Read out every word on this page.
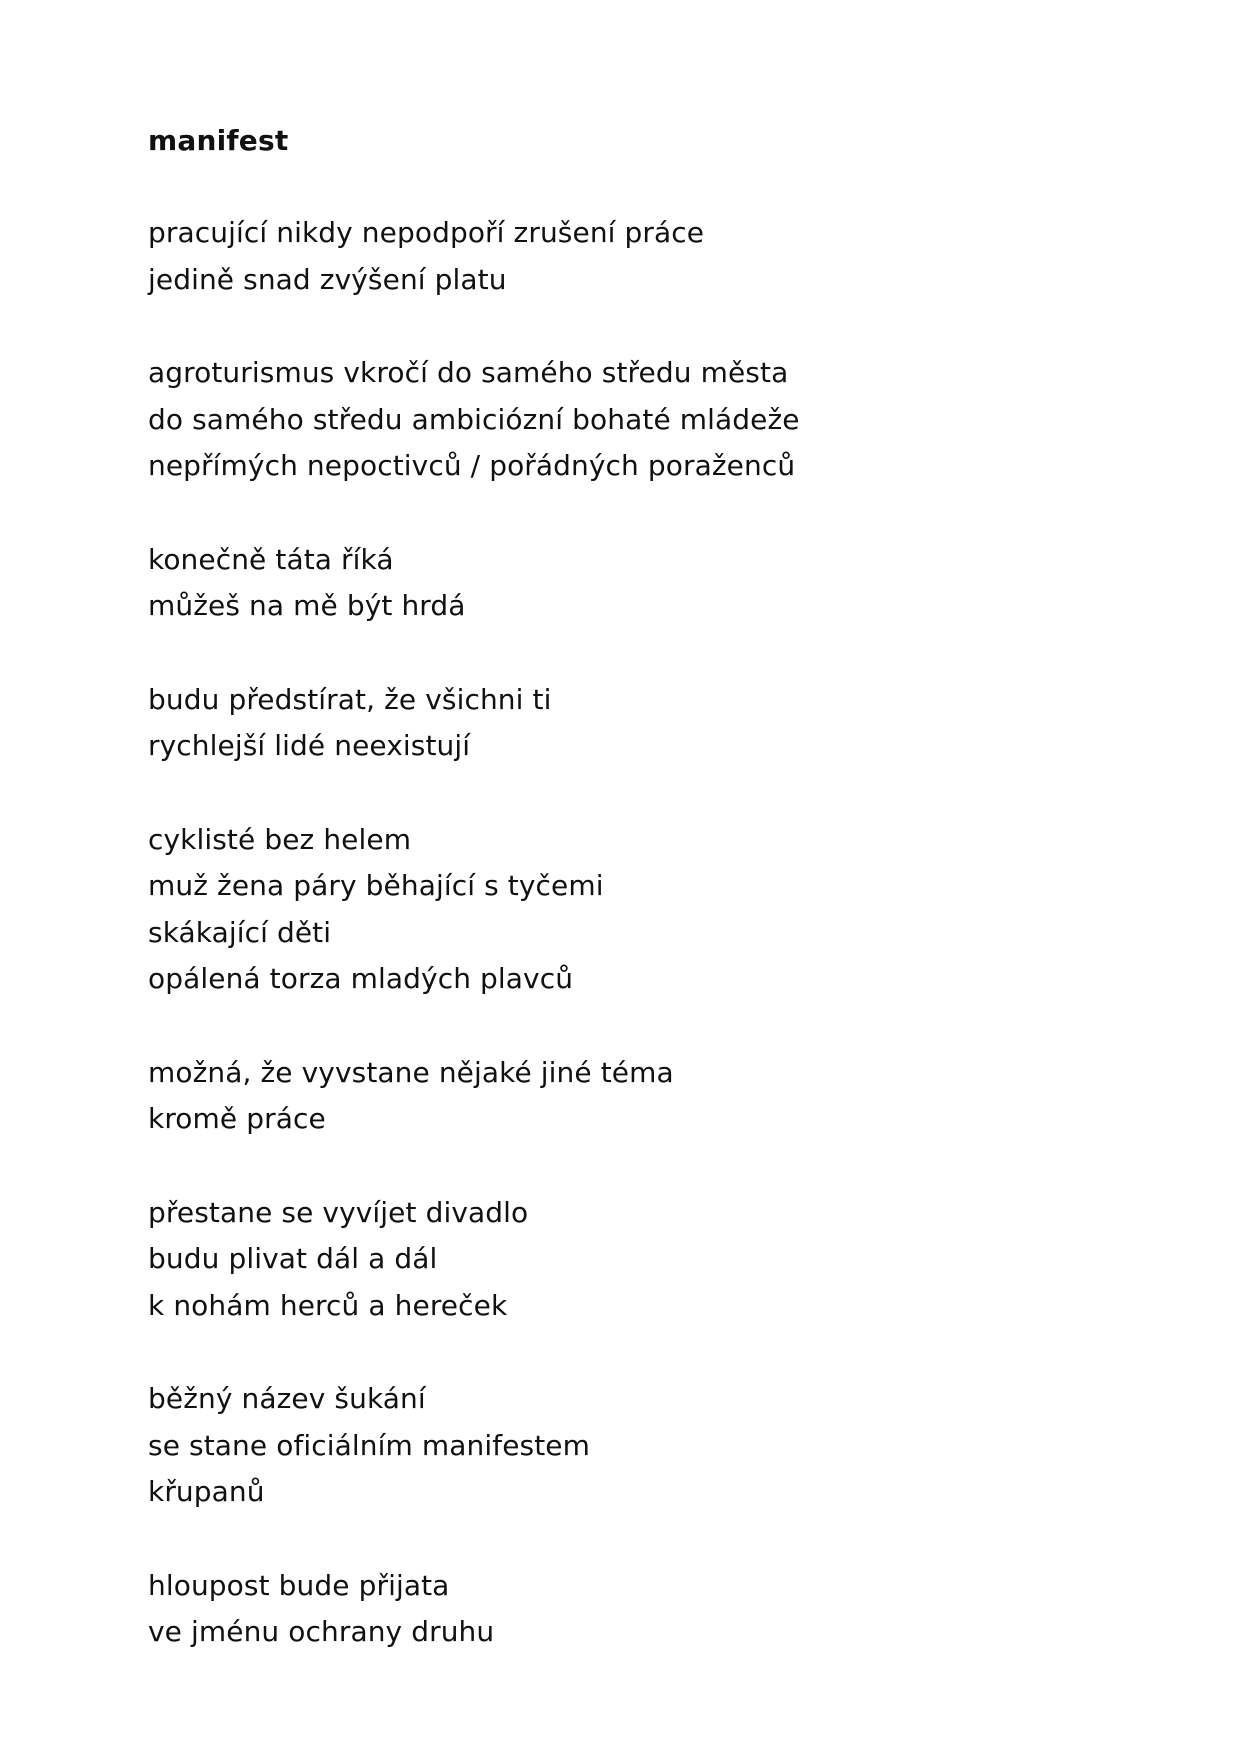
manifest
pracující nikdy nepodpoří zrušení práce
jedině snad zvýšení platu
agroturismus vkročí do samého středu města
do samého středu ambiciózní bohaté mládeže
nepřímých nepoctivců / pořádných poraženců
konečně táta říká
můžeš na mě být hrdá
budu předstírat, že všichni ti
rychlejší lidé neexistují
cyklisté bez helem
muž žena páry běhající s tyčemi
skákající děti
opálená torza mladých plavců
možná, že vyvstane nějaké jiné téma
kromě práce
přestane se vyvíjet divadlo
budu plivat dál a dál
k nohám herců a hereček
běžný název šukání
se stane oficiálním manifestem
křupanů
hloupost bude přijata
ve jménu ochrany druhu
